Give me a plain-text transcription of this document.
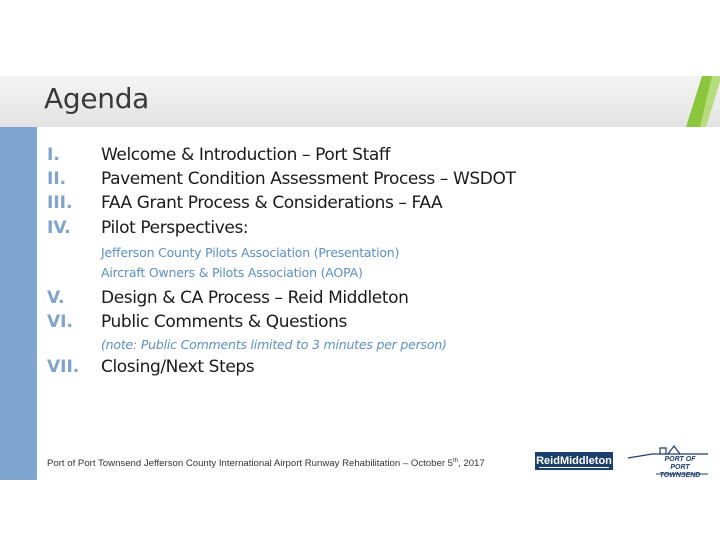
Agenda
I. Welcome & Introduction – Port Staff
II. Pavement Condition Assessment Process – WSDOT
III. FAA Grant Process & Considerations – FAA
IV. Pilot Perspectives:
Jefferson County Pilots Association (Presentation)
Aircraft Owners & Pilots Association (AOPA)
V. Design & CA Process – Reid Middleton
VI. Public Comments & Questions
(note: Public Comments limited to 3 minutes per person)
VII. Closing/Next Steps
Port of Port Townsend Jefferson County International Airport Runway Rehabilitation – October 5th, 2017	ReidMiddleton	PORT OF
PORT TOWNSEND
